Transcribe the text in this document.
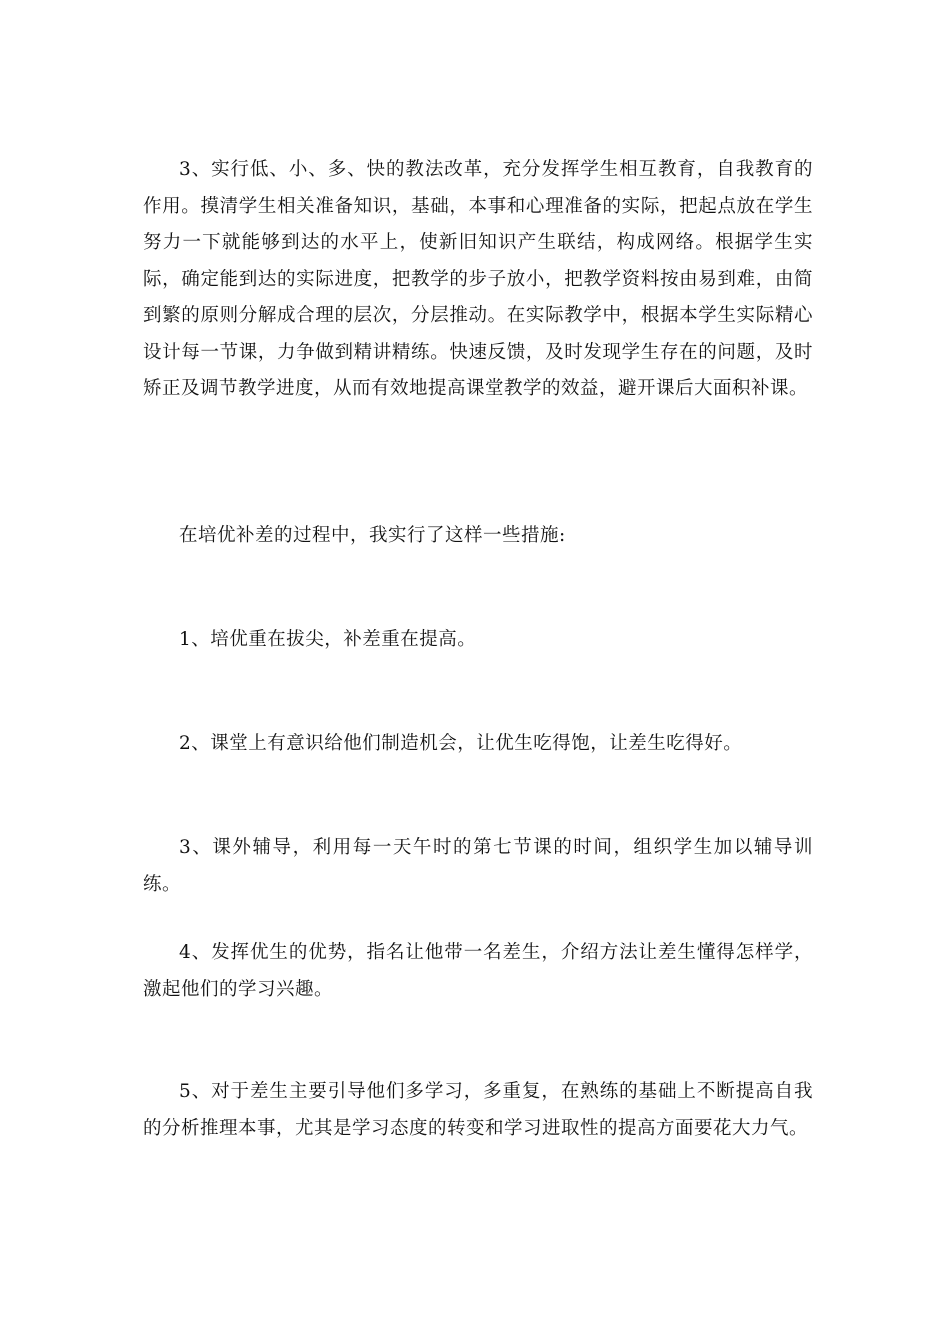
3、实行低、小、多、快的教法改革，充分发挥学生相互教育，自我教育的作用。摸清学生相关准备知识，基础，本事和心理准备的实际，把起点放在学生努力一下就能够到达的水平上，使新旧知识产生联结，构成网络。根据学生实际，确定能到达的实际进度，把教学的步子放小，把教学资料按由易到难，由简到繁的原则分解成合理的层次，分层推动。在实际教学中，根据本学生实际精心设计每一节课，力争做到精讲精练。快速反馈，及时发现学生存在的问题，及时矫正及调节教学进度，从而有效地提高课堂教学的效益，避开课后大面积补课。

在培优补差的过程中，我实行了这样一些措施:

1、培优重在拔尖，补差重在提高。

2、课堂上有意识给他们制造机会，让优生吃得饱，让差生吃得好。

3、课外辅导，利用每一天午时的第七节课的时间，组织学生加以辅导训练。

4、发挥优生的优势，指名让他带一名差生，介绍方法让差生懂得怎样学，激起他们的学习兴趣。

5、对于差生主要引导他们多学习，多重复，在熟练的基础上不断提高自我的分析推理本事，尤其是学习态度的转变和学习进取性的提高方面要花大力气。
